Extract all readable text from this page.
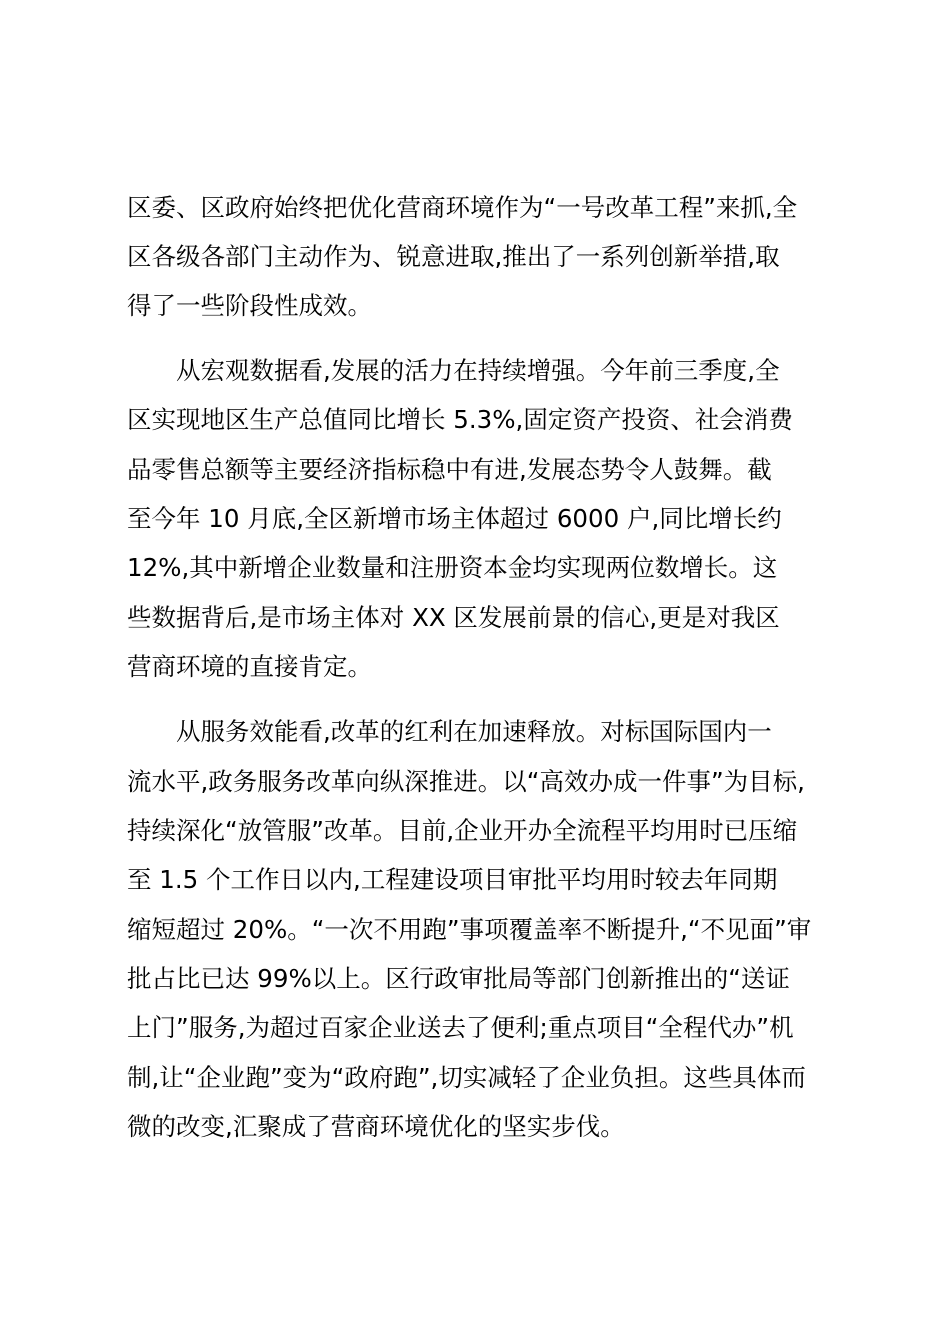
区委、区政府始终把优化营商环境作为“一号改革工程”来抓,全
区各级各部门主动作为、锐意进取,推出了一系列创新举措,取
得了一些阶段性成效。
从宏观数据看,发展的活力在持续增强。今年前三季度,全
区实现地区生产总值同比增长 5.3%,固定资产投资、社会消费
品零售总额等主要经济指标稳中有进,发展态势令人鼓舞。截
至今年 10 月底,全区新增市场主体超过 6000 户,同比增长约
12%,其中新增企业数量和注册资本金均实现两位数增长。这
些数据背后,是市场主体对 XX 区发展前景的信心,更是对我区
营商环境的直接肯定。
从服务效能看,改革的红利在加速释放。对标国际国内一
流水平,政务服务改革向纵深推进。以“高效办成一件事”为目标,
持续深化“放管服”改革。目前,企业开办全流程平均用时已压缩
至 1.5 个工作日以内,工程建设项目审批平均用时较去年同期
缩短超过 20%。“一次不用跑”事项覆盖率不断提升,“不见面”审
批占比已达 99%以上。区行政审批局等部门创新推出的“送证
上门”服务,为超过百家企业送去了便利;重点项目“全程代办”机
制,让“企业跑”变为“政府跑”,切实减轻了企业负担。这些具体而
微的改变,汇聚成了营商环境优化的坚实步伐。
